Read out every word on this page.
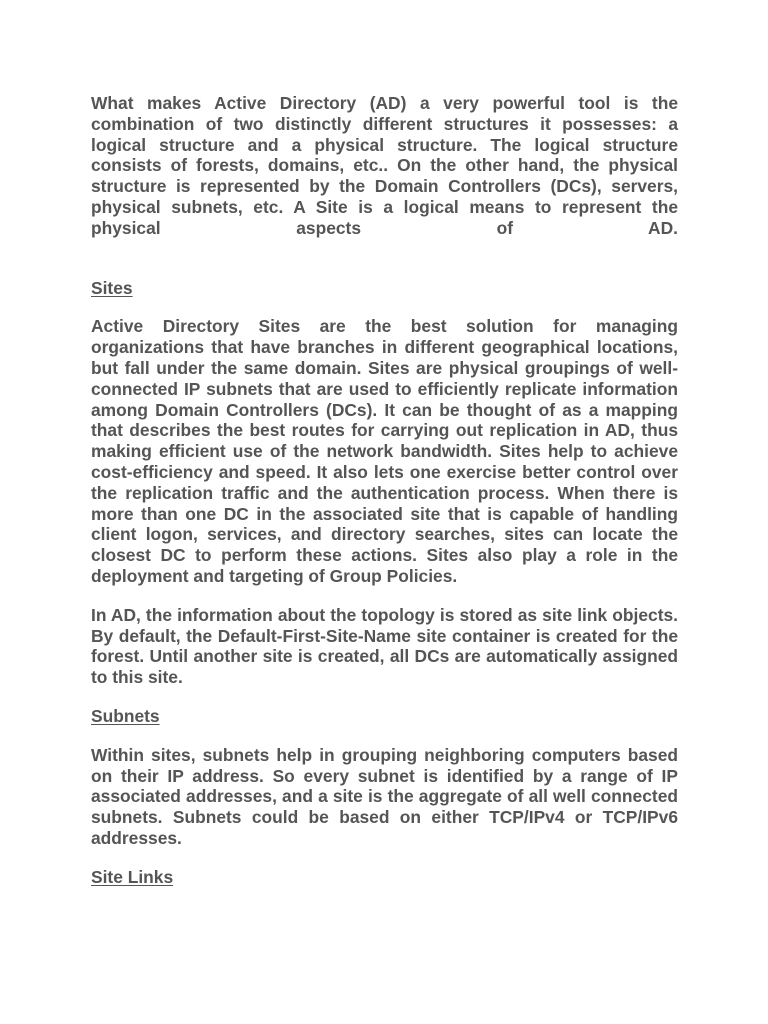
What makes Active Directory (AD) a very powerful tool is the combination of two distinctly different structures it possesses: a logical structure and a physical structure. The logical structure consists of forests, domains, etc.. On the other hand, the physical structure is represented by the Domain Controllers (DCs), servers, physical subnets, etc. A Site is a logical means to represent the physical aspects of AD.

Sites

Active Directory Sites are the best solution for managing organizations that have branches in different geographical locations, but fall under the same domain. Sites are physical groupings of well-connected IP subnets that are used to efficiently replicate information among Domain Controllers (DCs). It can be thought of as a mapping that describes the best routes for carrying out replication in AD, thus making efficient use of the network bandwidth. Sites help to achieve cost-efficiency and speed. It also lets one exercise better control over the replication traffic and the authentication process. When there is more than one DC in the associated site that is capable of handling client logon, services, and directory searches, sites can locate the closest DC to perform these actions. Sites also play a role in the deployment and targeting of Group Policies.

In AD, the information about the topology is stored as site link objects. By default, the Default-First-Site-Name site container is created for the forest. Until another site is created, all DCs are automatically assigned to this site.

Subnets

Within sites, subnets help in grouping neighboring computers based on their IP address. So every subnet is identified by a range of IP associated addresses, and a site is the aggregate of all well connected subnets. Subnets could be based on either TCP/IPv4 or TCP/IPv6 addresses.

Site Links
